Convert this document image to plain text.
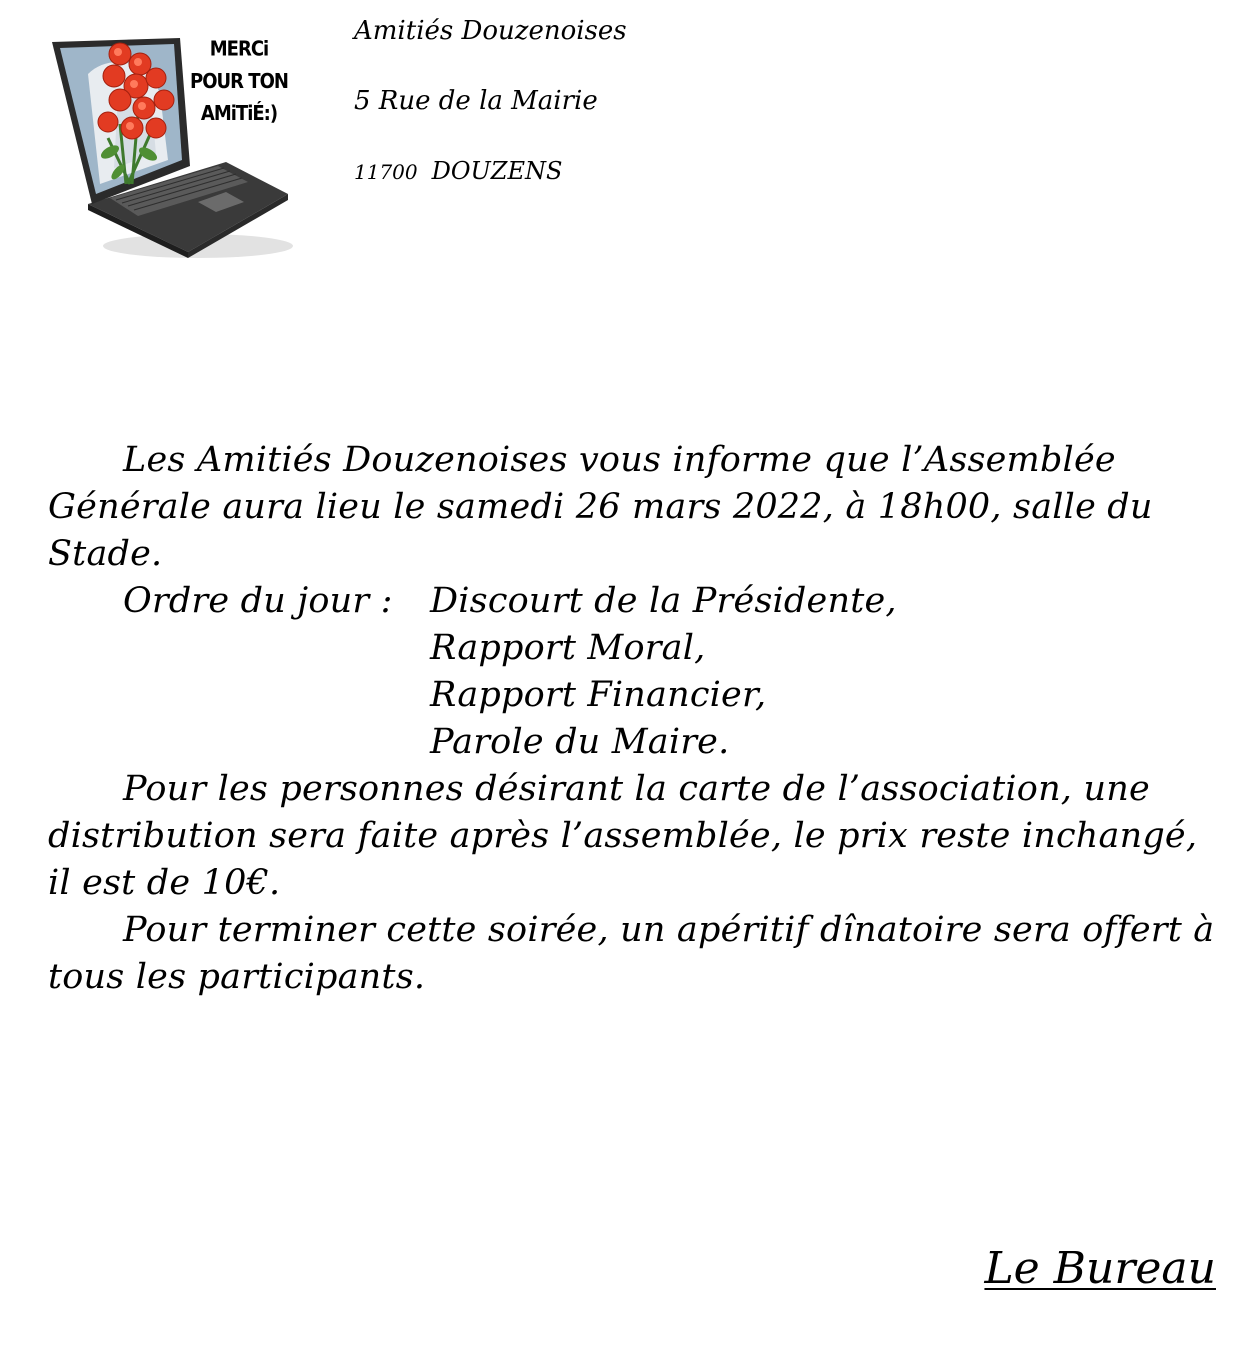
MERCi
POUR TON
AMiTiÉ:)
Amitiés Douzenoises
5 Rue de la Mairie
11700 DOUZENS

Les Amitiés Douzenoises vous informe que l’Assemblée Générale aura lieu le samedi 26 mars 2022, à 18h00, salle du Stade.

Ordre du jour : Discourt de la Présidente,
Rapport Moral,
Rapport Financier,
Parole du Maire.

Pour les personnes désirant la carte de l’association, une distribution sera faite après l’assemblée, le prix reste inchangé, il est de 10€.

Pour terminer cette soirée, un apéritif dînatoire sera offert à tous les participants.

Le Bureau
